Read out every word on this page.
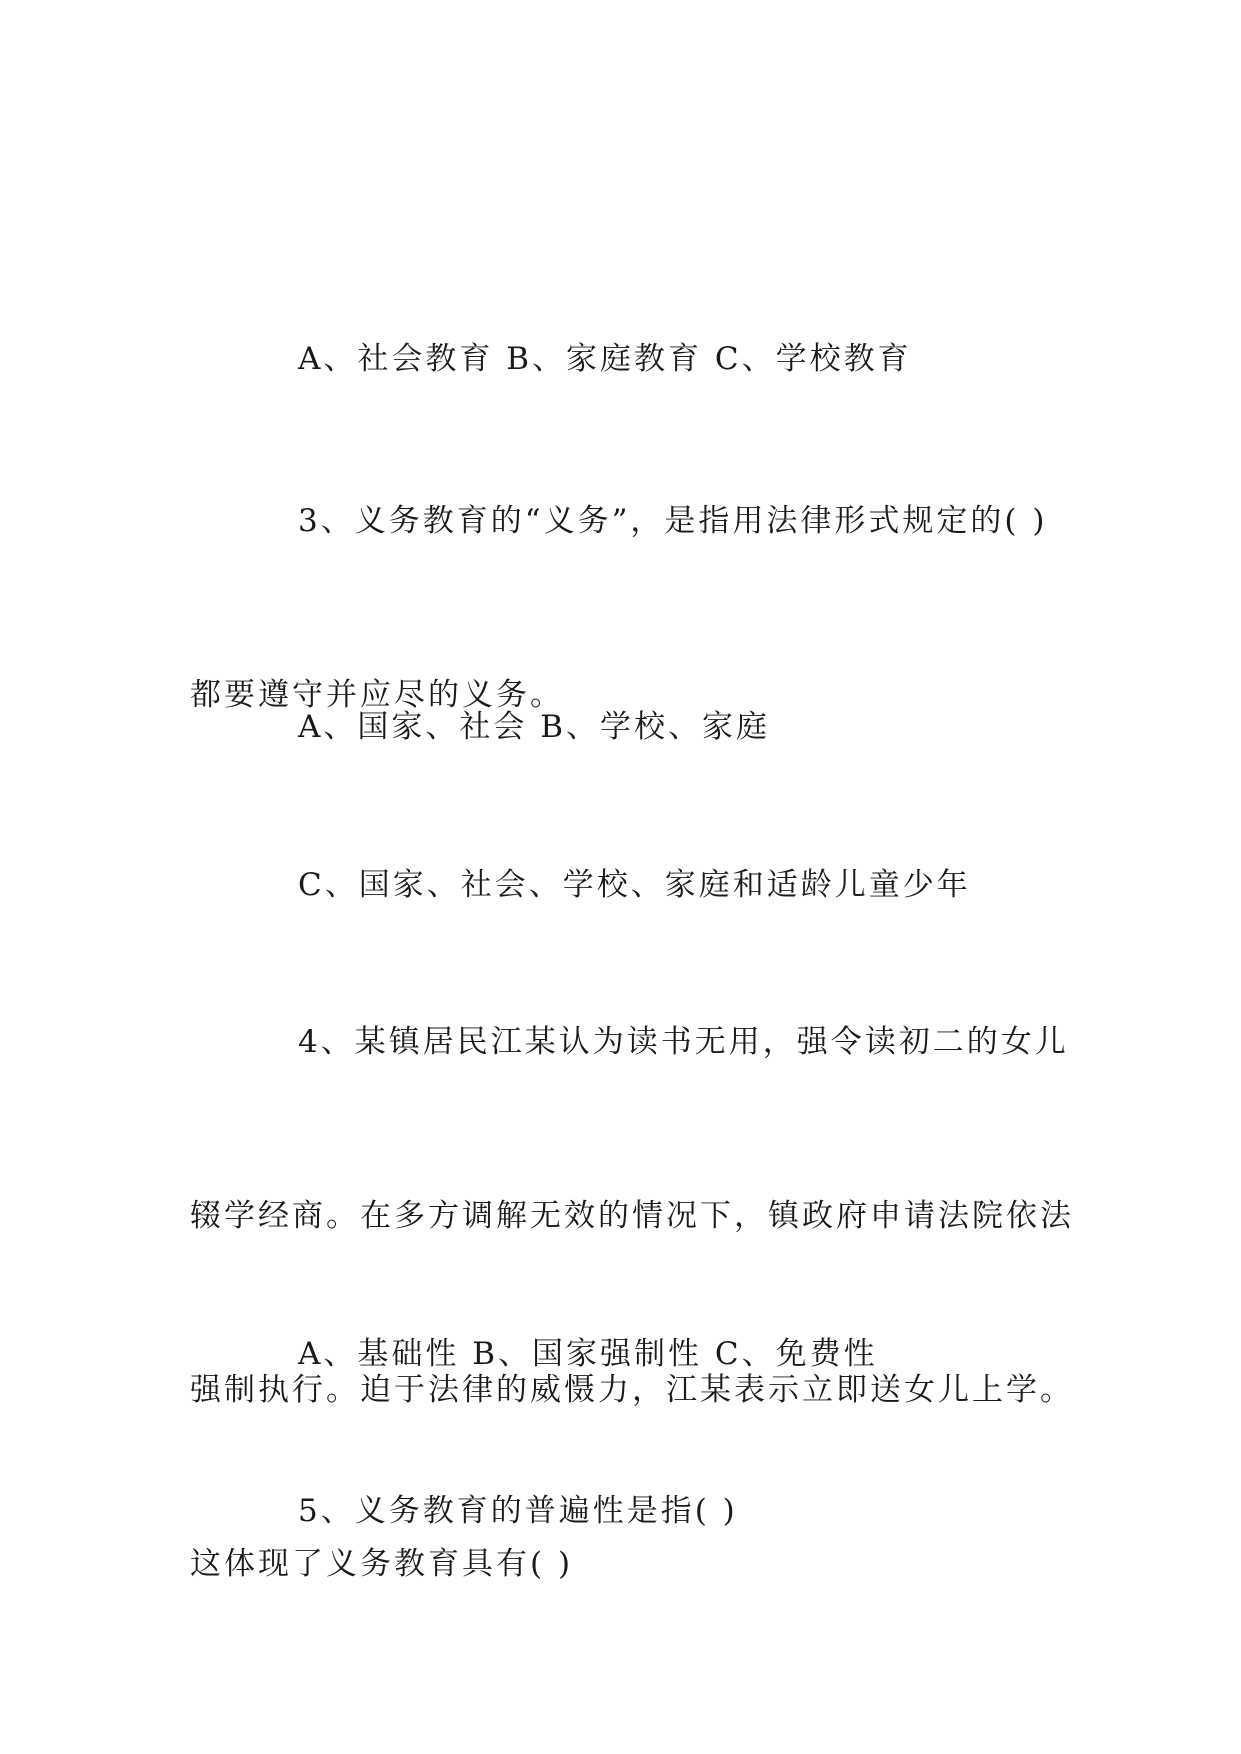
A、社会教育 B、家庭教育 C、学校教育

3、义务教育的“义务”，是指用法律形式规定的( )

都要遵守并应尽的义务。

A、国家、社会 B、学校、家庭

C、国家、社会、学校、家庭和适龄儿童少年

4、某镇居民江某认为读书无用，强令读初二的女儿

辍学经商。在多方调解无效的情况下，镇政府申请法院依法

强制执行。迫于法律的威慑力，江某表示立即送女儿上学。

这体现了义务教育具有( )

A、基础性 B、国家强制性 C、免费性

5、义务教育的普遍性是指( )
